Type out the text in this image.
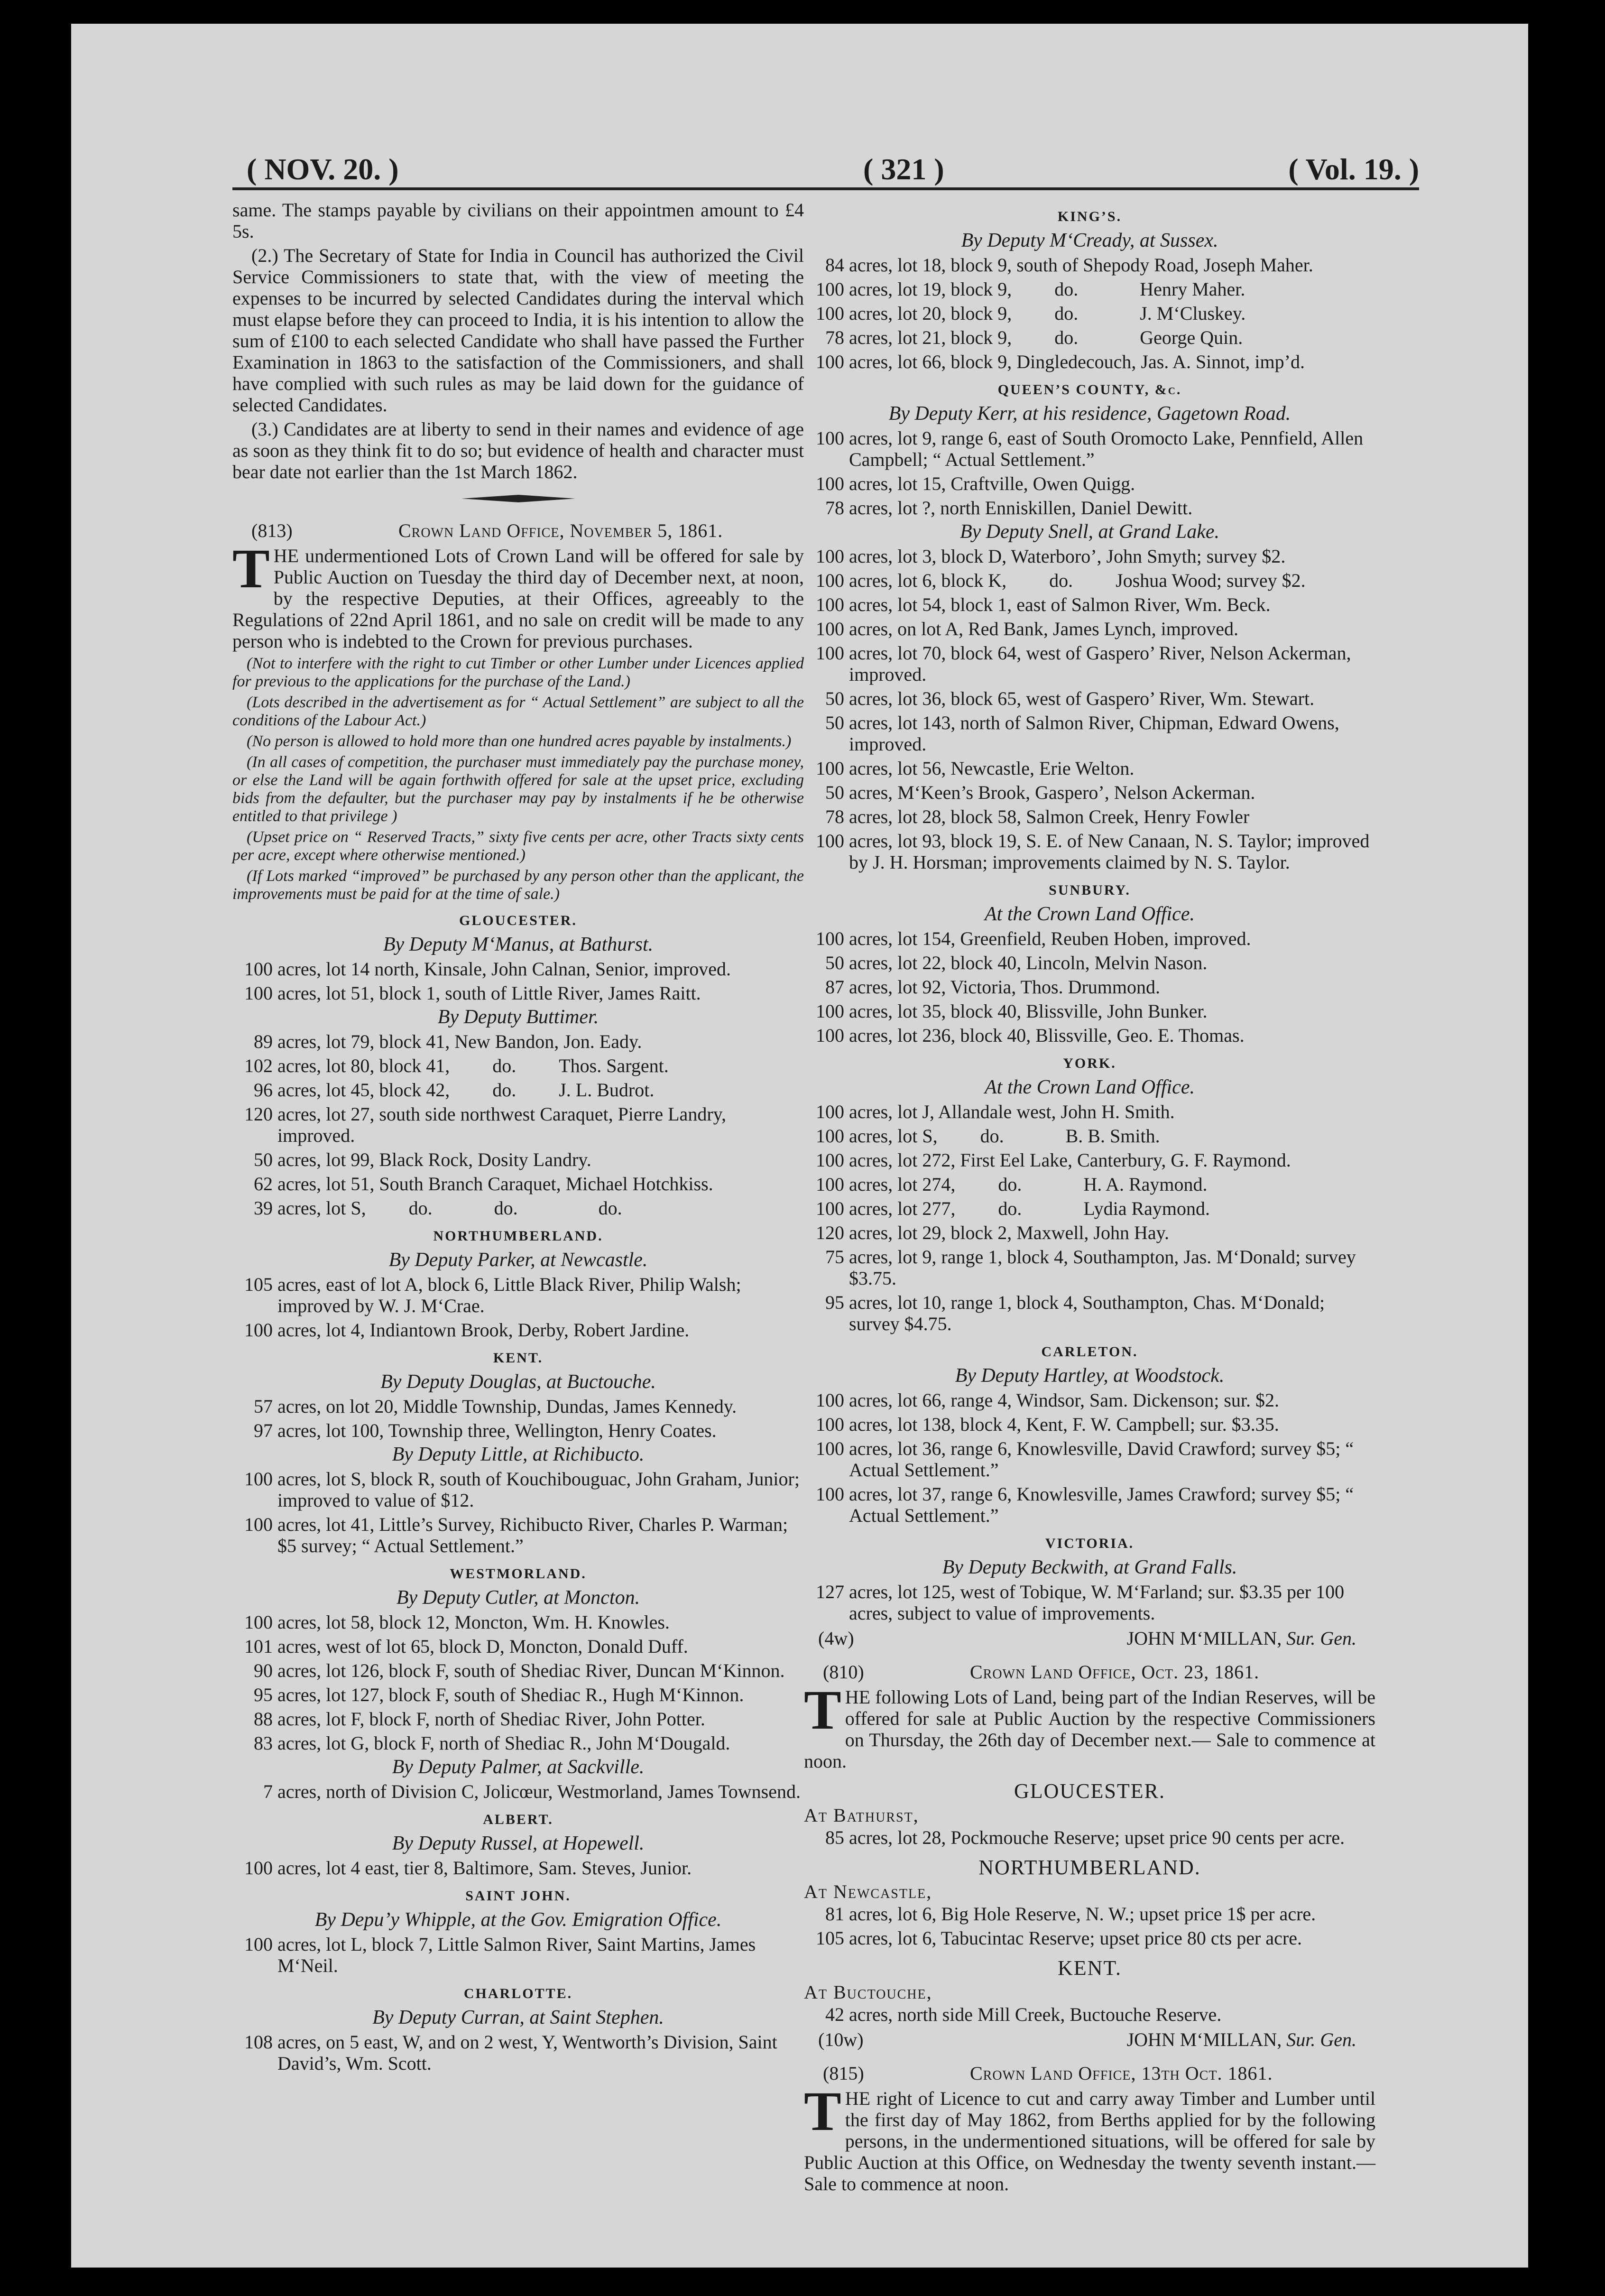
( NOV. 20. )	( 321 )	( Vol. 19. )

same. The stamps payable by civilians on their appointmen amount to £4 5s.

(2.) The Secretary of State for India in Council has authorized the Civil Service Commissioners to state that, with the view of meeting the expenses to be incurred by selected Candidates during the interval which must elapse before they can proceed to India, it is his intention to allow the sum of £100 to each selected Candidate who shall have passed the Further Examination in 1863 to the satisfaction of the Commissioners, and shall have complied with such rules as may be laid down for the guidance of selected Candidates.

(3.) Candidates are at liberty to send in their names and evidence of age as soon as they think fit to do so; but evidence of health and character must bear date not earlier than the 1st March 1862.

(813)	Crown Land Office, November 5, 1861.

THE undermentioned Lots of Crown Land will be offered for sale by Public Auction on Tuesday the third day of December next, at noon, by the respective Deputies, at their Offices, agreeably to the Regulations of 22nd April 1861, and no sale on credit will be made to any person who is indebted to the Crown for previous purchases.

(Not to interfere with the right to cut Timber or other Lumber under Licences applied for previous to the applications for the purchase of the Land.)

(Lots described in the advertisement as for “ Actual Settlement” are subject to all the conditions of the Labour Act.)

(No person is allowed to hold more than one hundred acres payable by instalments.)

(In all cases of competition, the purchaser must immediately pay the purchase money, or else the Land will be again forthwith offered for sale at the upset price, excluding bids from the defaulter, but the purchaser may pay by instalments if he be otherwise entitled to that privilege )

(Upset price on “ Reserved Tracts,” sixty five cents per acre, other Tracts sixty cents per acre, except where otherwise mentioned.)

(If Lots marked “improved” be purchased by any person other than the applicant, the improvements must be paid for at the time of sale.)

GLOUCESTER.
By Deputy M‘Manus, at Bathurst.

100 acres, lot 14 north, Kinsale, John Calnan, Senior, improved.

100 acres, lot 51, block 1, south of Little River, James Raitt.

By Deputy Buttimer.

89 acres, lot 79, block 41, New Bandon, Jon. Eady.

102 acres, lot 80, block 41,   do.   Thos. Sargent.

96 acres, lot 45, block 42,   do.   J. L. Budrot.

120 acres, lot 27, south side northwest Caraquet, Pierre Landry, improved.

50 acres, lot 99, Black Rock, Dosity Landry.

62 acres, lot 51, South Branch Caraquet, Michael Hotchkiss.

39 acres, lot S,   do.    do.     do.

NORTHUMBERLAND.
By Deputy Parker, at Newcastle.

105 acres, east of lot A, block 6, Little Black River, Philip Walsh; improved by W. J. M‘Crae.

100 acres, lot 4, Indiantown Brook, Derby, Robert Jardine.

KENT.
By Deputy Douglas, at Buctouche.

57 acres, on lot 20, Middle Township, Dundas, James Kennedy.

97 acres, lot 100, Township three, Wellington, Henry Coates.

By Deputy Little, at Richibucto.

100 acres, lot S, block R, south of Kouchibouguac, John Graham, Junior; improved to value of $12.

100 acres, lot 41, Little’s Survey, Richibucto River, Charles P. Warman; $5 survey; “ Actual Settlement.”

WESTMORLAND.
By Deputy Cutler, at Moncton.

100 acres, lot 58, block 12, Moncton, Wm. H. Knowles.

101 acres, west of lot 65, block D, Moncton, Donald Duff.

90 acres, lot 126, block F, south of Shediac River, Duncan M‘Kinnon.

95 acres, lot 127, block F, south of Shediac R., Hugh M‘Kinnon.

88 acres, lot F, block F, north of Shediac River, John Potter.

83 acres, lot G, block F, north of Shediac R., John M‘Dougald.

By Deputy Palmer, at Sackville.

7 acres, north of Division C, Jolicœur, Westmorland, James Townsend.

ALBERT.
By Deputy Russel, at Hopewell.

100 acres, lot 4 east, tier 8, Baltimore, Sam. Steves, Junior.

SAINT JOHN.
By Depu’y Whipple, at the Gov. Emigration Office.

100 acres, lot L, block 7, Little Salmon River, Saint Martins, James M‘Neil.

CHARLOTTE.
By Deputy Curran, at Saint Stephen.

108 acres, on 5 east, W, and on 2 west, Y, Wentworth’s Division, Saint David’s, Wm. Scott.

KING’S.
By Deputy M‘Cready, at Sussex.

84 acres, lot 18, block 9, south of Shepody Road, Joseph Maher.

100 acres, lot 19, block 9,   do.    Henry Maher.

100 acres, lot 20, block 9,   do.    J. M‘Cluskey.

78 acres, lot 21, block 9,   do.    George Quin.

100 acres, lot 66, block 9, Dingledecouch, Jas. A. Sinnot, imp’d.

QUEEN’S COUNTY, &c.
By Deputy Kerr, at his residence, Gagetown Road.

100 acres, lot 9, range 6, east of South Oromocto Lake, Pennfield, Allen Campbell; “ Actual Settlement.”

100 acres, lot 15, Craftville, Owen Quigg.

78 acres, lot ?, north Enniskillen, Daniel Dewitt.

By Deputy Snell, at Grand Lake.

100 acres, lot 3, block D, Waterboro’, John Smyth; survey $2.

100 acres, lot 6, block K,   do.   Joshua Wood; survey $2.

100 acres, lot 54, block 1, east of Salmon River, Wm. Beck.

100 acres, on lot A, Red Bank, James Lynch, improved.

100 acres, lot 70, block 64, west of Gaspero’ River, Nelson Ackerman, improved.

50 acres, lot 36, block 65, west of Gaspero’ River, Wm. Stewart.

50 acres, lot 143, north of Salmon River, Chipman, Edward Owens, improved.

100 acres, lot 56, Newcastle, Erie Welton.

50 acres, M‘Keen’s Brook, Gaspero’, Nelson Ackerman.

78 acres, lot 28, block 58, Salmon Creek, Henry Fowler

100 acres, lot 93, block 19, S. E. of New Canaan, N. S. Taylor; improved by J. H. Horsman; improvements claimed by N. S. Taylor.

SUNBURY.
At the Crown Land Office.

100 acres, lot 154, Greenfield, Reuben Hoben, improved.

50 acres, lot 22, block 40, Lincoln, Melvin Nason.

87 acres, lot 92, Victoria, Thos. Drummond.

100 acres, lot 35, block 40, Blissville, John Bunker.

100 acres, lot 236, block 40, Blissville, Geo. E. Thomas.

YORK.
At the Crown Land Office.

100 acres, lot J, Allandale west, John H. Smith.

100 acres, lot S,   do.    B. B. Smith.

100 acres, lot 272, First Eel Lake, Canterbury, G. F. Raymond.

100 acres, lot 274,   do.    H. A. Raymond.

100 acres, lot 277,   do.    Lydia Raymond.

120 acres, lot 29, block 2, Maxwell, John Hay.

75 acres, lot 9, range 1, block 4, Southampton, Jas. M‘Donald; survey $3.75.

95 acres, lot 10, range 1, block 4, Southampton, Chas. M‘Donald; survey $4.75.

CARLETON.
By Deputy Hartley, at Woodstock.

100 acres, lot 66, range 4, Windsor, Sam. Dickenson; sur. $2.

100 acres, lot 138, block 4, Kent, F. W. Campbell; sur. $3.35.

100 acres, lot 36, range 6, Knowlesville, David Crawford; survey $5; “ Actual Settlement.”

100 acres, lot 37, range 6, Knowlesville, James Crawford; survey $5; “ Actual Settlement.”

VICTORIA.
By Deputy Beckwith, at Grand Falls.

127 acres, lot 125, west of Tobique, W. M‘Farland; sur. $3.35 per 100 acres, subject to value of improvements.

(4w)	JOHN M‘MILLAN, Sur. Gen.
(810)	Crown Land Office, Oct. 23, 1861.

THE following Lots of Land, being part of the Indian Reserves, will be offered for sale at Public Auction by the respective Commissioners on Thursday, the 26th day of December next.— Sale to commence at noon.

GLOUCESTER.
At Bathurst,

85 acres, lot 28, Pockmouche Reserve; upset price 90 cents per acre.

NORTHUMBERLAND.
At Newcastle,

81 acres, lot 6, Big Hole Reserve, N. W.; upset price 1$ per acre.

105 acres, lot 6, Tabucintac Reserve; upset price 80 cts per acre.

KENT.
At Buctouche,

42 acres, north side Mill Creek, Buctouche Reserve.

(10w)	JOHN M‘MILLAN, Sur. Gen.
(815)	Crown Land Office, 13th Oct. 1861.

THE right of Licence to cut and carry away Timber and Lumber until the first day of May 1862, from Berths applied for by the following persons, in the undermentioned situations, will be offered for sale by Public Auction at this Office, on Wednesday the twenty seventh instant.—Sale to commence at noon.
